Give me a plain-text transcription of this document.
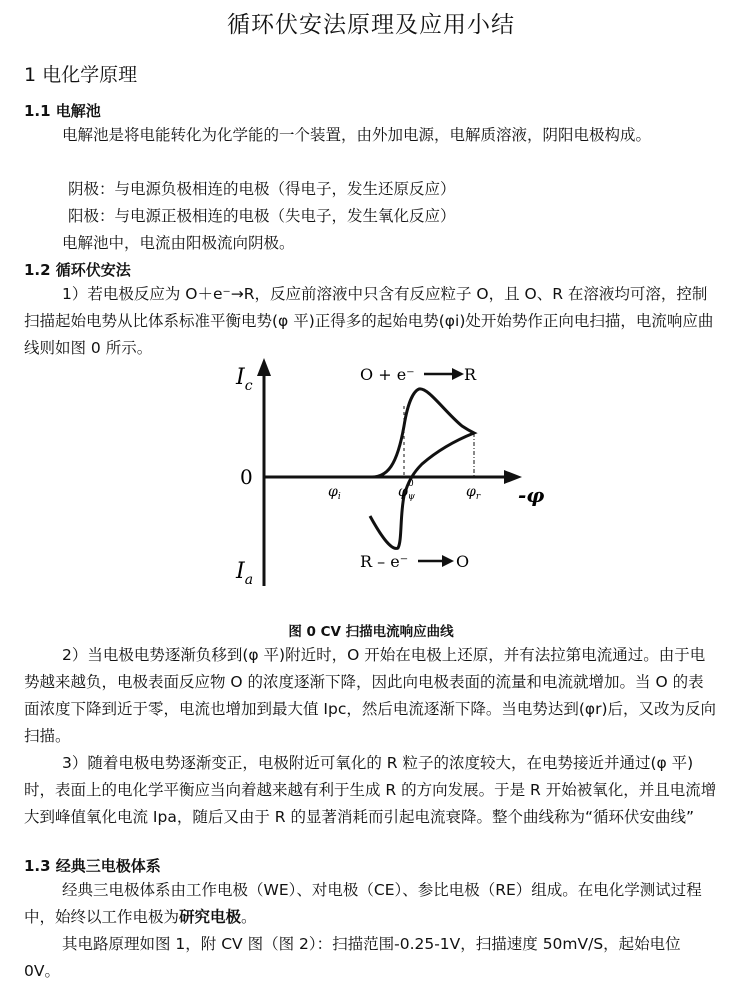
循环伏安法原理及应用小结
1 电化学原理
1.1 电解池

电解池是将电能转化为化学能的一个装置，由外加电源，电解质溶液，阴阳电极构成。

阴极：与电源负极相连的电极（得电子，发生还原反应）
阳极：与电源正极相连的电极（失电子，发生氧化反应）
电解池中，电流由阳极流向阴极。
1.2 循环伏安法

1）若电极反应为 O＋e⁻→R，反应前溶液中只含有反应粒子 O，且 O、R 在溶液均可溶，控制扫描起始电势从比体系标准平衡电势(φ 平)正得多的起始电势(φi)处开始势作正向电扫描，电流响应曲线则如图 0 所示。

$I_c$
$I_a$
0
$\varphi_i$	$\varphi_\psi$
0	$\varphi_r$ -φ
O + e⁻	R
R – e⁻	O
图 0 CV 扫描电流响应曲线

2）当电极电势逐渐负移到(φ 平)附近时，O 开始在电极上还原，并有法拉第电流通过。由于电势越来越负，电极表面反应物 O 的浓度逐渐下降，因此向电极表面的流量和电流就增加。当 O 的表面浓度下降到近于零，电流也增加到最大值 Ipc，然后电流逐渐下降。当电势达到(φr)后，又改为反向扫描。

3）随着电极电势逐渐变正，电极附近可氧化的 R 粒子的浓度较大，在电势接近并通过(φ 平)时，表面上的电化学平衡应当向着越来越有利于生成 R 的方向发展。于是 R 开始被氧化，并且电流增大到峰值氧化电流 Ipa，随后又由于 R 的显著消耗而引起电流衰降。整个曲线称为“循环伏安曲线”

1.3 经典三电极体系

经典三电极体系由工作电极（WE）、对电极（CE）、参比电极（RE）组成。在电化学测试过程中，始终以工作电极为研究电极。

其电路原理如图 1，附 CV 图（图 2）：扫描范围-0.25-1V，扫描速度 50mV/S，起始电位 0V。
